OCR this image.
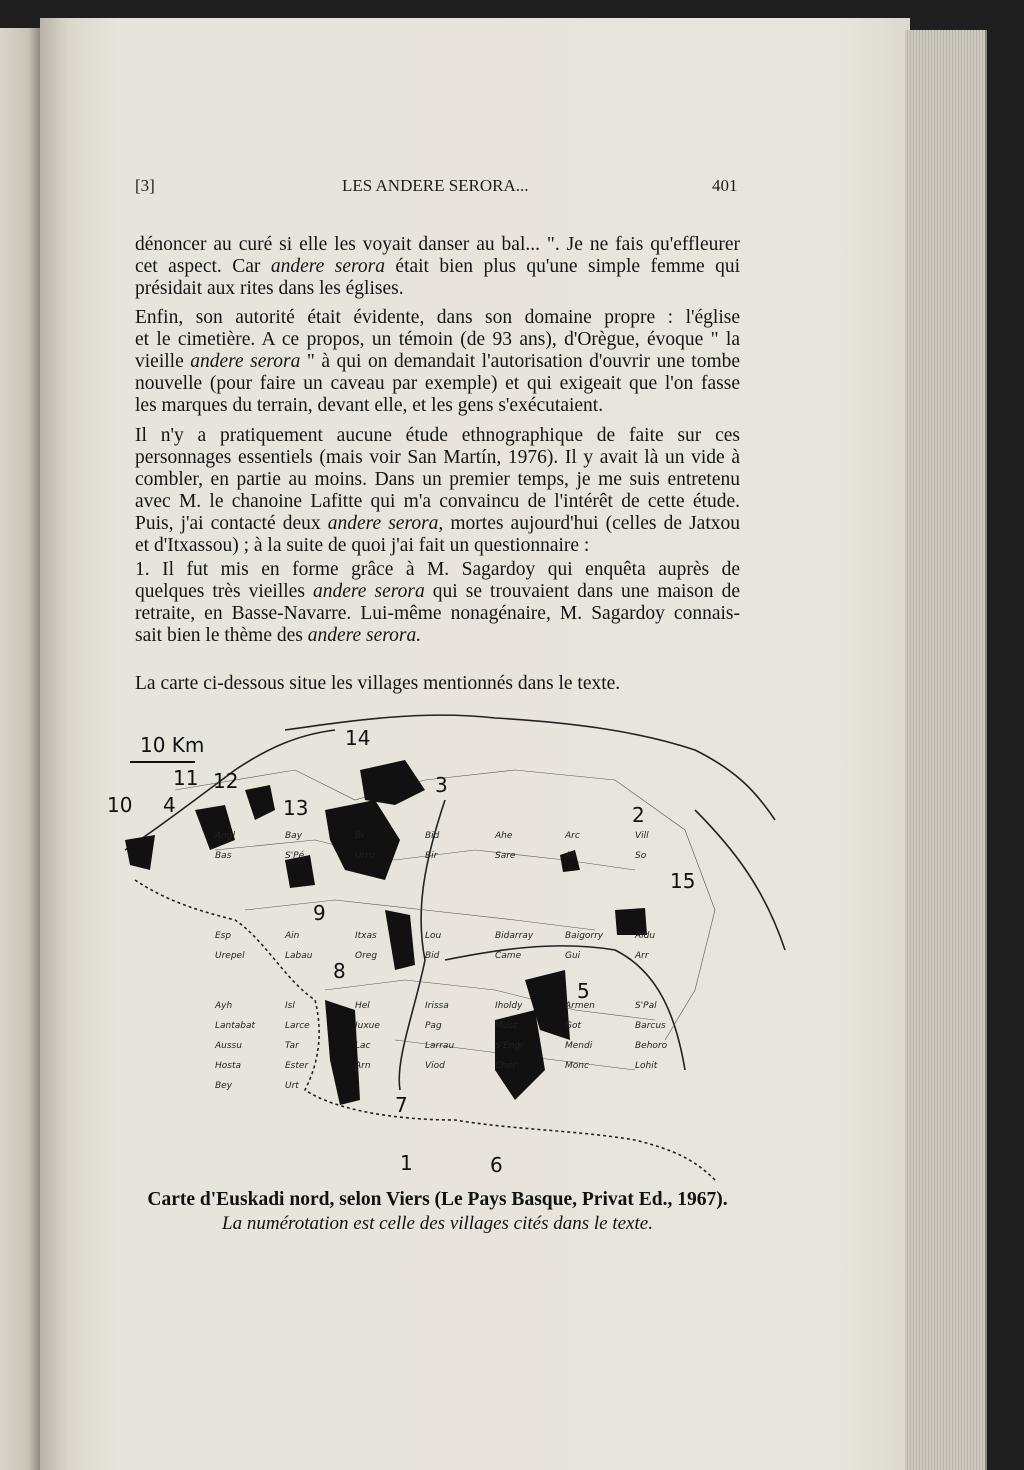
[3]	LES ANDERE SERORA...	401
dénoncer au curé si elle les voyait danser au bal... ". Je ne fais qu'effleurer
cet aspect. Car andere serora était bien plus qu'une simple femme qui
présidait aux rites dans les églises.
Enfin, son autorité était évidente, dans son domaine propre : l'église
et le cimetière. A ce propos, un témoin (de 93 ans), d'Orègue, évoque " la
vieille andere serora " à qui on demandait l'autorisation d'ouvrir une tombe
nouvelle (pour faire un caveau par exemple) et qui exigeait que l'on fasse
les marques du terrain, devant elle, et les gens s'exécutaient.
Il n'y a pratiquement aucune étude ethnographique de faite sur ces
personnages essentiels (mais voir San Martín, 1976). Il y avait là un vide à
combler, en partie au moins. Dans un premier temps, je me suis entretenu
avec M. le chanoine Lafitte qui m'a convaincu de l'intérêt de cette étude.
Puis, j'ai contacté deux andere serora, mortes aujourd'hui (celles de Jatxou
et d'Itxassou) ; à la suite de quoi j'ai fait un questionnaire :
1. Il fut mis en forme grâce à M. Sagardoy qui enquêta auprès de
quelques très vieilles andere serora qui se trouvaient dans une maison de
retraite, en Basse-Navarre. Lui-même nonagénaire, M. Sagardoy connais-
sait bien le thème des andere serora.
La carte ci-dessous situe les villages mentionnés dans le texte.
10 Km
1
2
3
4
5
6
7
8
9
10
11 12
13
14
15
Angl	Bay	Bi	Bid	Ahe	Arc	Vill
Bas	S'Pé	Urru	Bir	Sare	As	So
Esp	Ain	Itxas	Lou	Bidarray	Baigorry	Aldu
Urepel	Labau	Oreg	Bid	Came	Gui	Arr
Ayh	Isl	Hel	Irissa	Iholdy	Armen	S'Pal
Lantabat	Larce	Juxue	Pag	Musc	Got	Barcus
Aussu	Tar	Lac	Larrau	S'Engr	Mendi	Behoro
Hosta	Ester	Arn	Viod	Chér	Monc	Lohit
Bey	Urt
Carte d'Euskadi nord, selon Viers (Le Pays Basque, Privat Ed., 1967).
La numérotation est celle des villages cités dans le texte.
